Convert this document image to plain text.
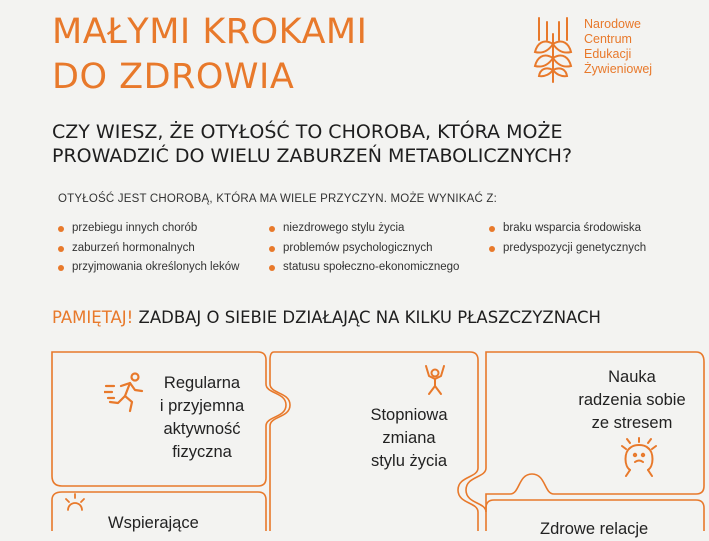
MAŁYMI KROKAMI
DO ZDROWIA
Narodowe
Centrum
Edukacji
Żywieniowej
CZY WIESZ, ŻE OTYŁOŚĆ TO CHOROBA, KTÓRA MOŻE
PROWADZIĆ DO WIELU ZABURZEŃ METABOLICZNYCH?
OTYŁOŚĆ JEST CHOROBĄ, KTÓRA MA WIELE PRZYCZYN. MOŻE WYNIKAĆ Z:
przebiegu innych chorób
zaburzeń hormonalnych
przyjmowania określonych leków
niezdrowego stylu życia
problemów psychologicznych
statusu społeczno-ekonomicznego
braku wsparcia środowiska
predyspozycji genetycznych
PAMIĘTAJ! ZADBAJ O SIEBIE DZIAŁAJĄC NA KILKU PŁASZCZYZNACH
Regularna
i przyjemna
aktywność
fizyczna
Stopniowa
zmiana
stylu życia
Nauka
radzenia sobie
ze stresem
Wspierające	Zdrowe relacje
